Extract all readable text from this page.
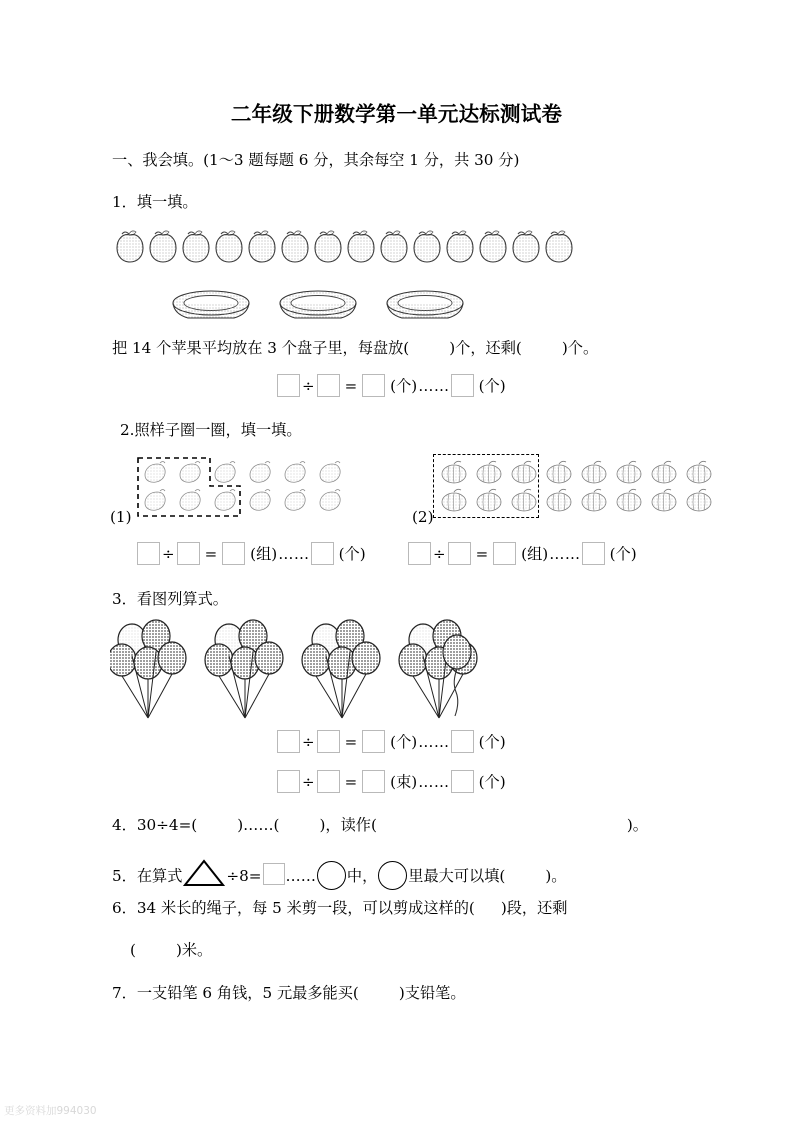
二年级下册数学第一单元达标测试卷
一、我会填。(1～3 题每题 6 分，其余每空 1 分，共 30 分)
1．填一填。
把 14 个苹果平均放在 3 个盘子里，每盘放(	)个，还剩(	)个。
÷	=	(个) ……	(个)
2.照样子圈一圈，填一填。
(1)	(2)
÷	=	(组) ……	(个)	÷	=	(组) ……	(个)
3．看图列算式。
÷	=	(个) ……	(个)
÷	=	(束) ……	(个)
4．30÷4=(	)……(	)，读作(	)。
5．在算式	÷8= …… 中， 里最大可以填(	)。
6．34 米长的绳子，每 5 米剪一段，可以剪成这样的( )段，还剩
(	)米。
7．一支铅笔 6 角钱，5 元最多能买(	)支铅笔。
更多资料加994030
